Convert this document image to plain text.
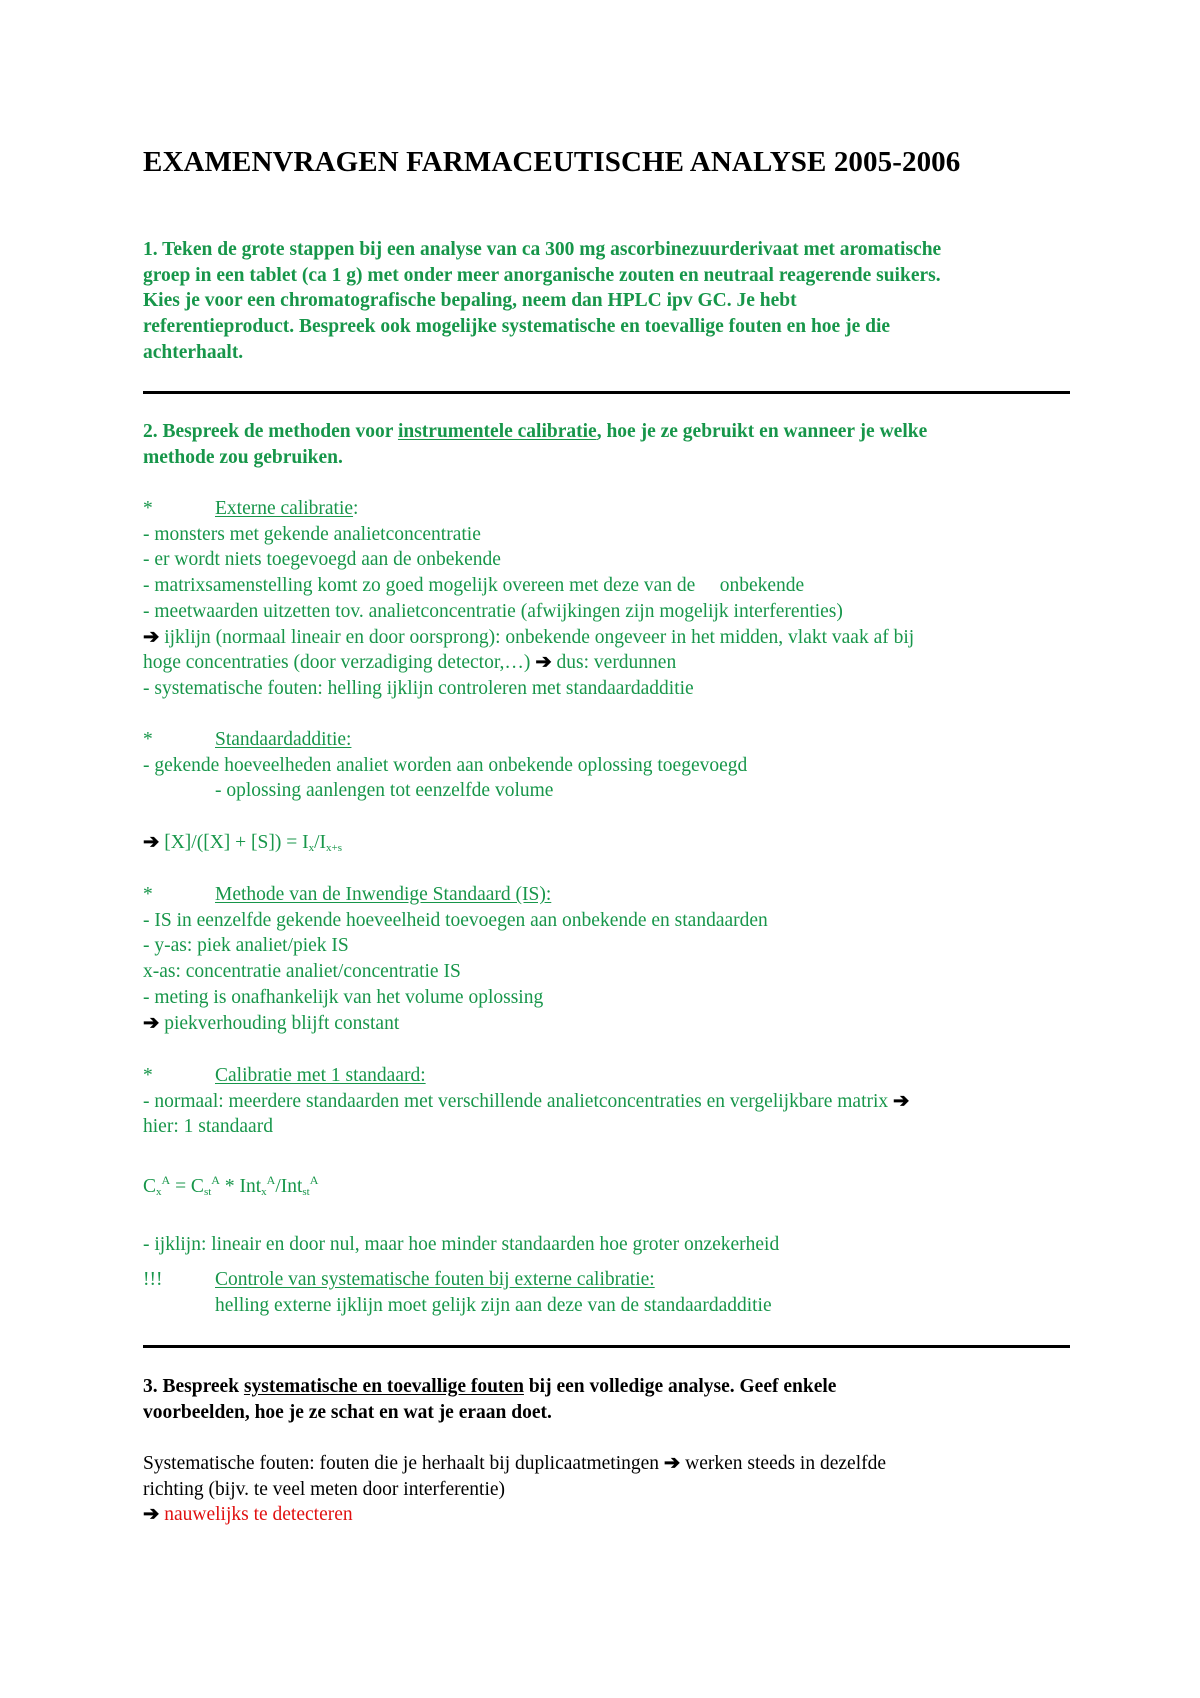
EXAMENVRAGEN FARMACEUTISCHE ANALYSE 2005-2006
1. Teken de grote stappen bij een analyse van ca 300 mg ascorbinezuurderivaat met aromatische
groep in een tablet (ca 1 g) met onder meer anorganische zouten en neutraal reagerende suikers.
Kies je voor een chromatografische bepaling, neem dan HPLC ipv GC. Je hebt
referentieproduct. Bespreek ook mogelijke systematische en toevallige fouten en hoe je die
achterhaalt.
2. Bespreek de methoden voor instrumentele calibratie, hoe je ze gebruikt en wanneer je welke
methode zou gebruiken.
*	Externe calibratie:
- monsters met gekende analietconcentratie
- er wordt niets toegevoegd aan de onbekende
- matrixsamenstelling komt zo goed mogelijk overeen met deze van de     onbekende
- meetwaarden uitzetten tov. analietconcentratie (afwijkingen zijn mogelijk interferenties)
➔ ijklijn (normaal lineair en door oorsprong): onbekende ongeveer in het midden, vlakt vaak af bij
hoge concentraties (door verzadiging detector,…) ➔ dus: verdunnen
- systematische fouten: helling ijklijn controleren met standaardadditie
*	Standaardadditie:
- gekende hoeveelheden analiet worden aan onbekende oplossing toegevoegd
- oplossing aanlengen tot eenzelfde volume

➔ $[X]/([X] + [S]) = I_x/I_{x+s}$
*	Methode van de Inwendige Standaard (IS):
- IS in eenzelfde gekende hoeveelheid toevoegen aan onbekende en standaarden
- y-as: piek analiet/piek IS
x-as: concentratie analiet/concentratie IS
- meting is onafhankelijk van het volume oplossing
➔ piekverhouding blijft constant
*	Calibratie met 1 standaard:
- normaal: meerdere standaarden met verschillende analietconcentraties en vergelijkbare matrix ➔
hier: 1 standaard

$C_x^A = C_{st}^A * Int_x^A/Int_{st}^A$

- ijklijn: lineair en door nul, maar hoe minder standaarden hoe groter onzekerheid
!!!	Controle van systematische fouten bij externe calibratie:
helling externe ijklijn moet gelijk zijn aan deze van de standaardadditie
3. Bespreek systematische en toevallige fouten bij een volledige analyse. Geef enkele
voorbeelden, hoe je ze schat en wat je eraan doet.
Systematische fouten: fouten die je herhaalt bij duplicaatmetingen ➔ werken steeds in dezelfde
richting (bijv. te veel meten door interferentie)
➔ nauwelijks te detecteren
